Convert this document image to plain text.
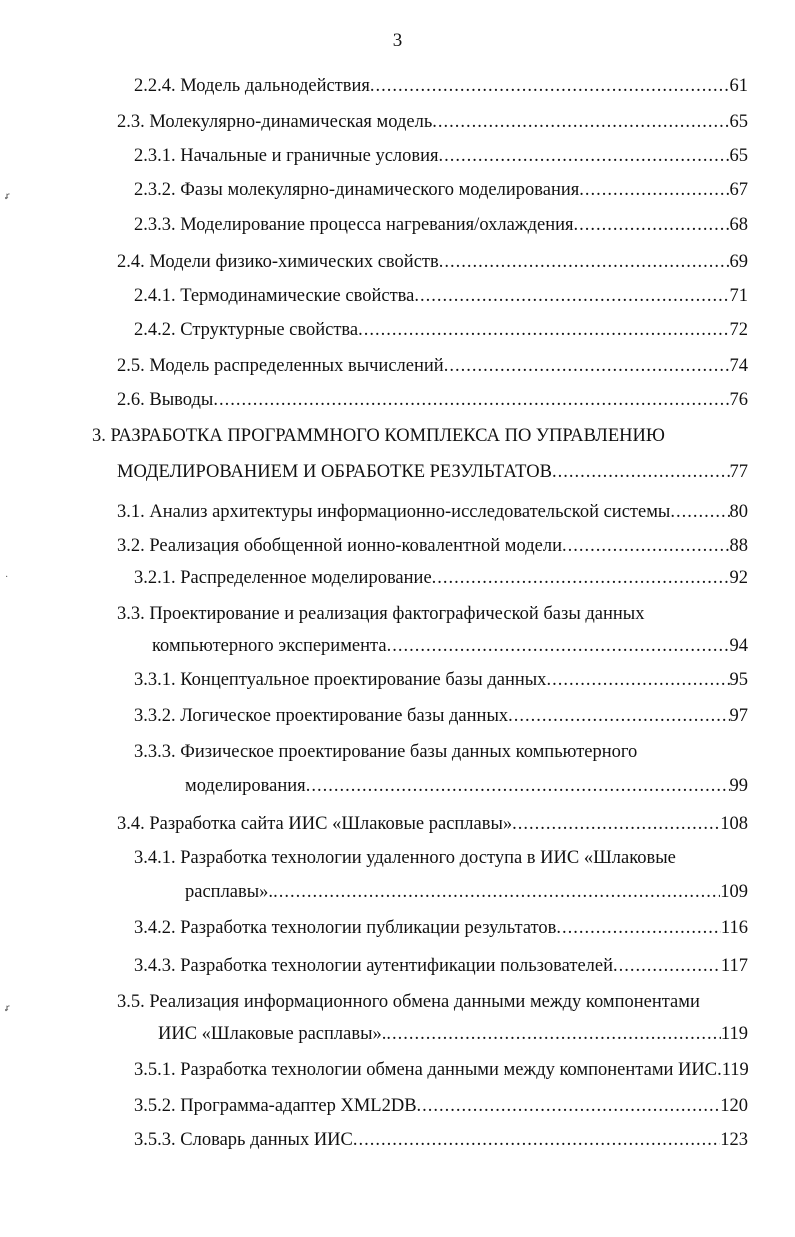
3
2.2.4. Модель дальнодействия .....	61
2.3. Молекулярно-динамическая модель .....	65
2.3.1. Начальные и граничные условия .....	65
2.3.2. Фазы молекулярно-динамического моделирования .....	67
2.3.3. Моделирование процесса нагревания/охлаждения .....	68
2.4. Модели физико-химических свойств .....	69
2.4.1. Термодинамические свойства .....	71
2.4.2. Структурные свойства .....	72
2.5. Модель распределенных вычислений .....	74
2.6. Выводы .....	76
3. РАЗРАБОТКА ПРОГРАММНОГО КОМПЛЕКСА ПО УПРАВЛЕНИЮ
МОДЕЛИРОВАНИЕМ И ОБРАБОТКЕ РЕЗУЛЬТАТОВ .....	77
3.1. Анализ архитектуры информационно-исследовательской системы .....	80
3.2. Реализация обобщенной ионно-ковалентной модели .....	88
3.2.1. Распределенное моделирование .....	92
3.3. Проектирование и реализация фактографической базы данных
компьютерного эксперимента .....	94
3.3.1. Концептуальное проектирование базы данных .....	95
3.3.2. Логическое проектирование базы данных .....	97
3.3.3. Физическое проектирование базы данных компьютерного
моделирования .....	99
3.4. Разработка сайта ИИС «Шлаковые расплавы» .....	108
3.4.1. Разработка технологии удаленного доступа в ИИС «Шлаковые
расплавы». .....	109
3.4.2. Разработка технологии публикации результатов .....	116
3.4.3. Разработка технологии аутентификации пользователей .....	117
3.5. Реализация информационного обмена данными между компонентами
ИИС «Шлаковые расплавы». .....	119
3.5.1. Разработка технологии обмена данными между компонентами ИИС.119
3.5.2. Программа-адаптер XML2DB .....	120
3.5.3. Словарь данных ИИС .....	123
ꭉ
·
ꭉ
